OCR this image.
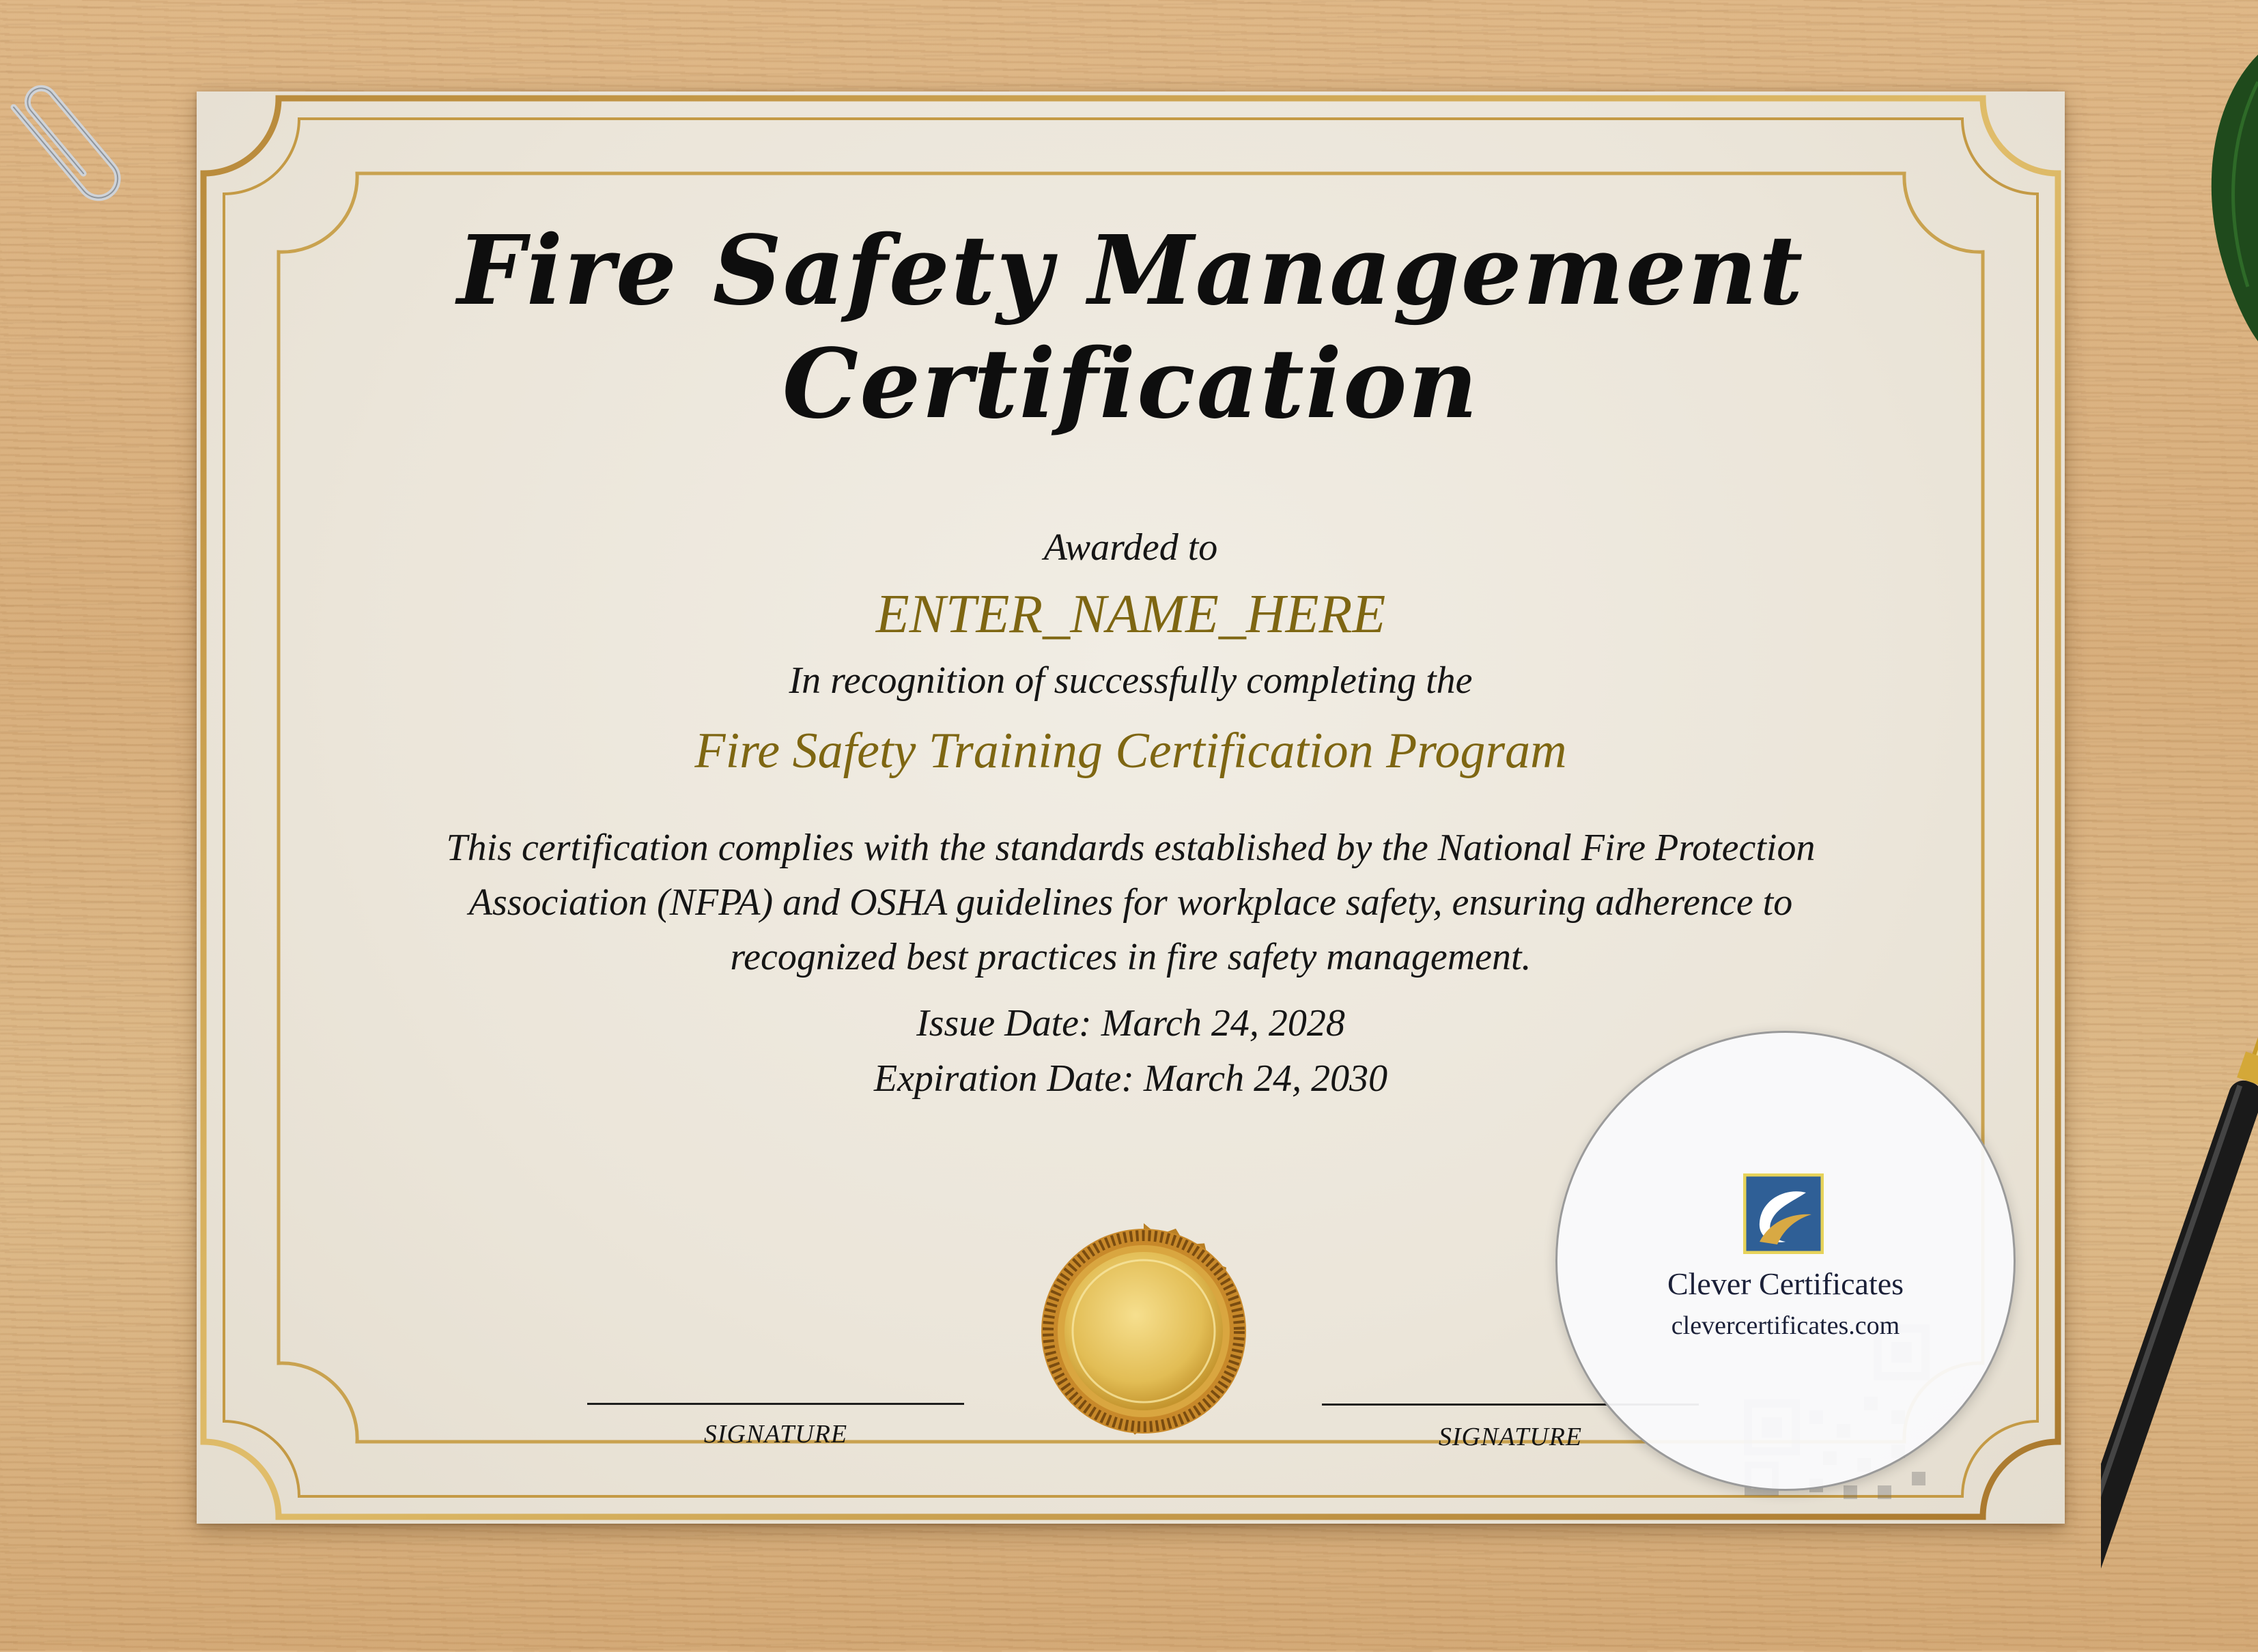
Fire Safety Management Certification
Awarded to
ENTER_NAME_HERE
In recognition of successfully completing the
Fire Safety Training Certification Program
This certification complies with the standards established by the National Fire Protection Association (NFPA) and OSHA guidelines for workplace safety, ensuring adherence to recognized best practices in fire safety management.
Issue Date: March 24, 2028
Expiration Date: March 24, 2030
SIGNATURE	SIGNATURE
Clever Certificates
clevercertificates.com
